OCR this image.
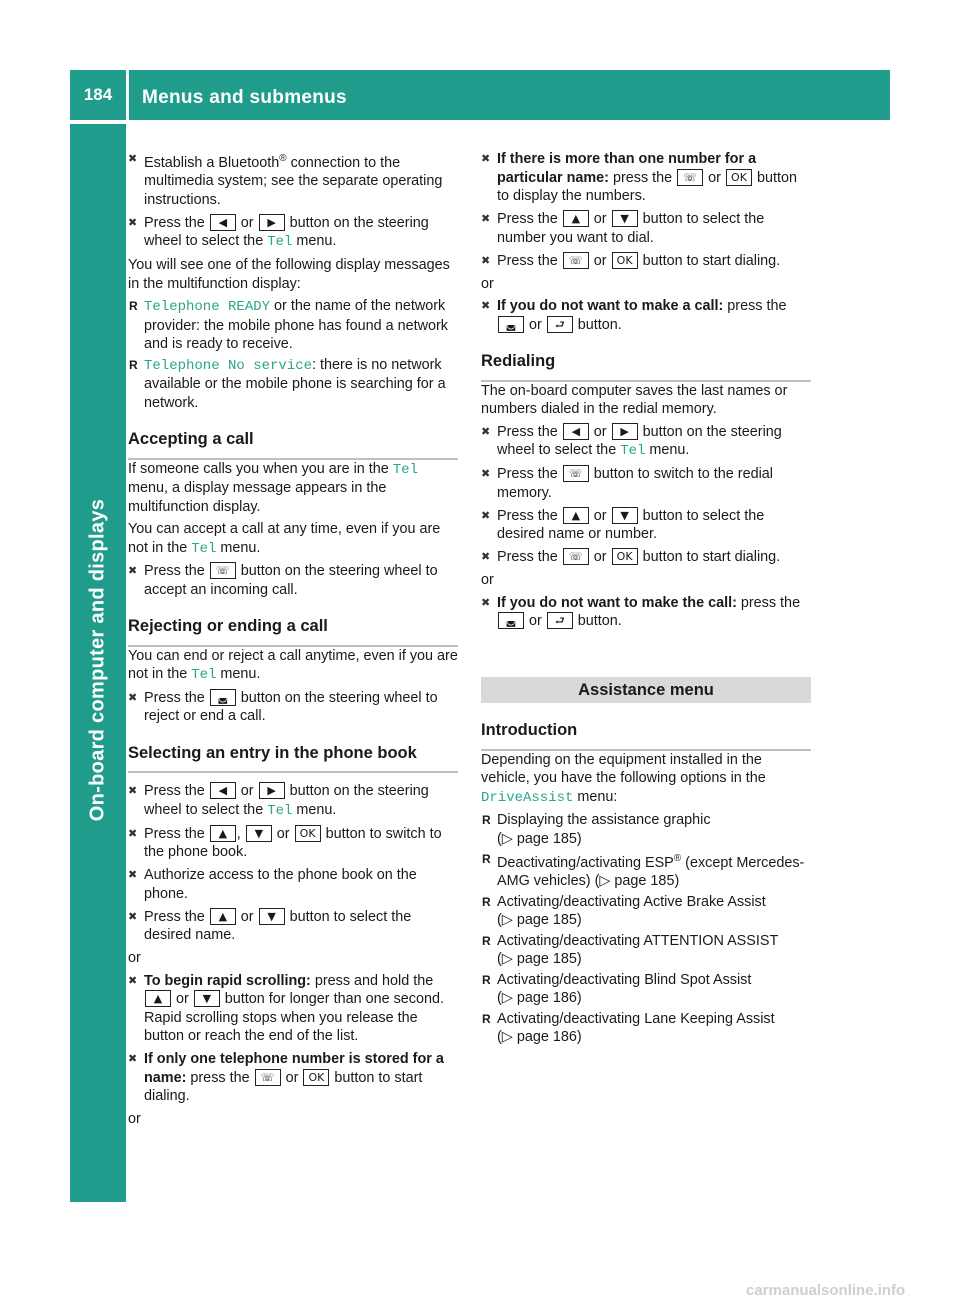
184	Menus and submenus
On-board computer and displays
✖ Establish a Bluetooth® connection to the multimedia system; see the separate operating instructions.
✖ Press the ◀ or ▶ button on the steering wheel to select the Tel menu.

You will see one of the following display messages in the multifunction display:

R Telephone READY or the name of the network provider: the mobile phone has found a network and is ready to receive.
R Telephone No service: there is no network available or the mobile phone is searching for a network.
Accepting a call

If someone calls you when you are in the Tel menu, a display message appears in the multifunction display.

You can accept a call at any time, even if you are not in the Tel menu.

✖ Press the ☏ button on the steering wheel to accept an incoming call.
Rejecting or ending a call

You can end or reject a call anytime, even if you are not in the Tel menu.

✖ Press the ◛ button on the steering wheel to reject or end a call.
Selecting an entry in the phone book
✖ Press the ◀ or ▶ button on the steering wheel to select the Tel menu.
✖ Press the ▲ , ▼ or OK button to switch to the phone book.
✖ Authorize access to the phone book on the phone.
✖ Press the ▲ or ▼ button to select the desired name.

or

✖ To begin rapid scrolling: press and hold the ▲ or ▼ button for longer than one second.
Rapid scrolling stops when you release the button or reach the end of the list.
✖ If only one telephone number is stored for a name: press the ☏ or OK button to start dialing.

or

✖ If there is more than one number for a particular name: press the ☏ or OK button to display the numbers.
✖ Press the ▲ or ▼ button to select the number you want to dial.
✖ Press the ☏ or OK button to start dialing.

or

✖ If you do not want to make a call: press the ◛ or ⮐ button.
Redialing

The on-board computer saves the last names or numbers dialed in the redial memory.

✖ Press the ◀ or ▶ button on the steering wheel to select the Tel menu.
✖ Press the ☏ button to switch to the redial memory.
✖ Press the ▲ or ▼ button to select the desired name or number.
✖ Press the ☏ or OK button to start dialing.

or

✖ If you do not want to make the call: press the ◛ or ⮐ button.
Assistance menu
Introduction

Depending on the equipment installed in the vehicle, you have the following options in the DriveAssist menu:

R Displaying the assistance graphic
(▷ page 185)
R Deactivating/activating ESP® (except Mercedes-AMG vehicles) (▷ page 185)
R Activating/deactivating Active Brake Assist
(▷ page 185)
R Activating/deactivating ATTENTION ASSIST
(▷ page 185)
R Activating/deactivating Blind Spot Assist
(▷ page 186)
R Activating/deactivating Lane Keeping Assist
(▷ page 186)
carmanualsonline.info
